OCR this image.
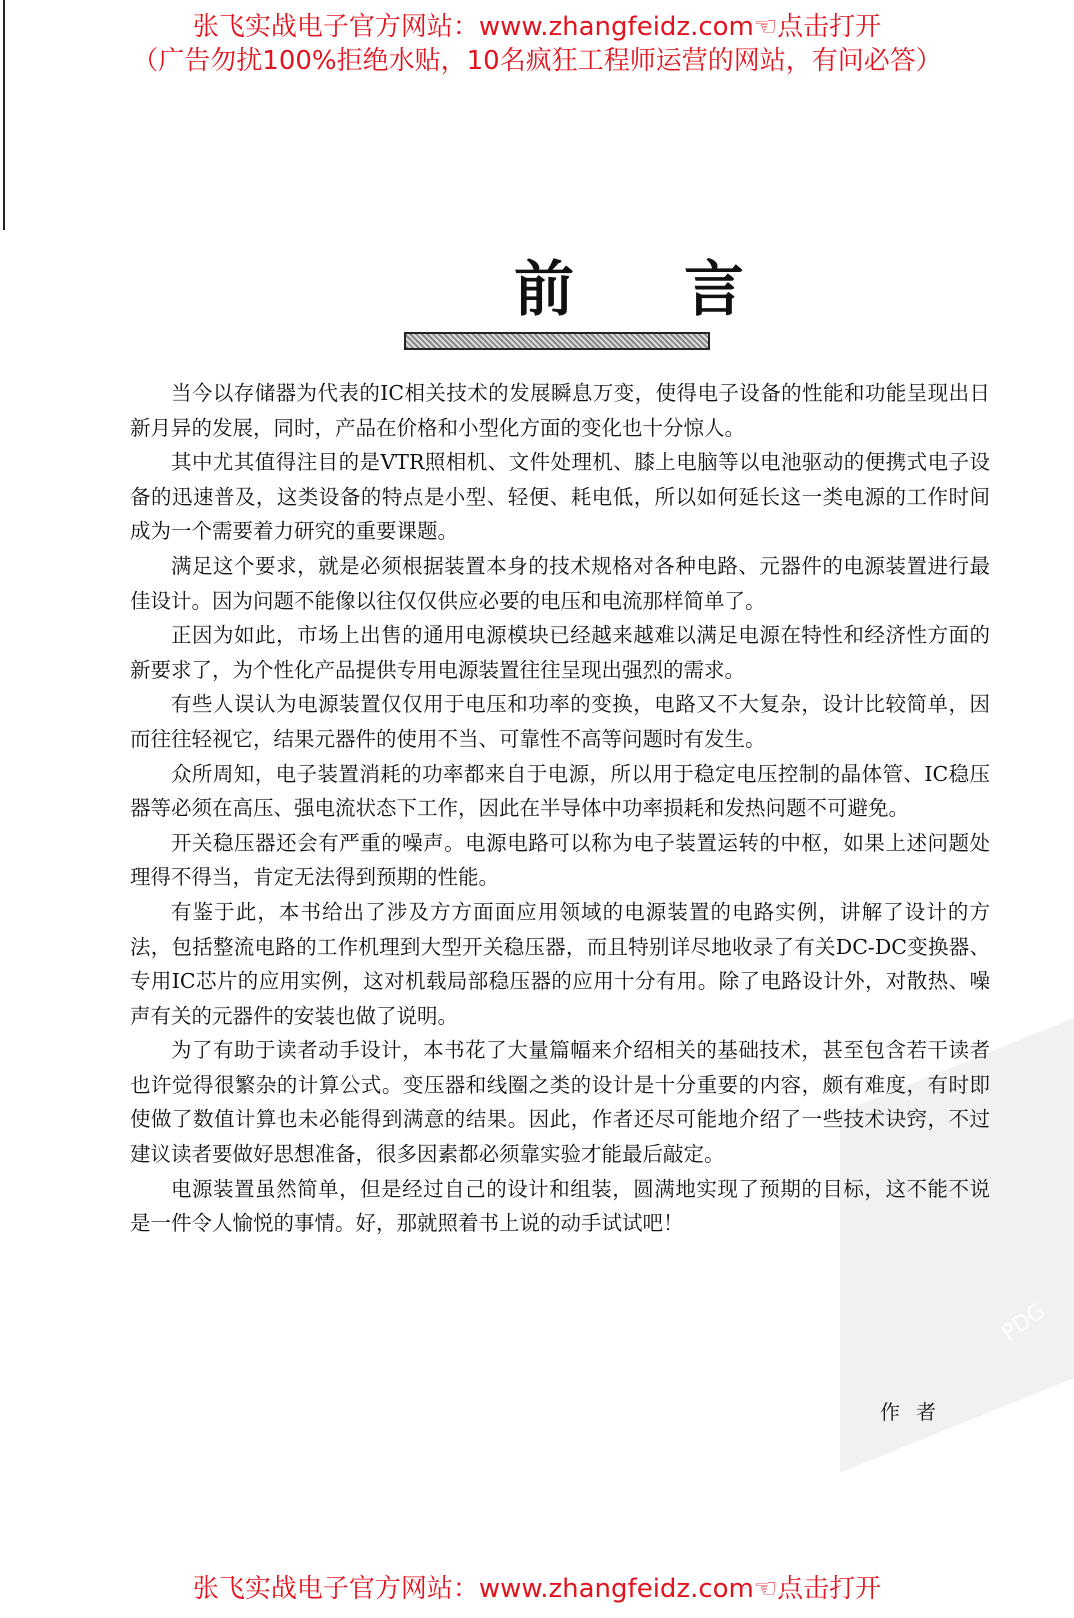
张飞实战电子官方网站：www.zhangfeidz.com☜点击打开
（广告勿扰100%拒绝水贴，10名疯狂工程师运营的网站，有问必答）
前言
PDG

当今以存储器为代表的IC相关技术的发展瞬息万变，使得电子设备的性能和功能呈现出日新月异的发展，同时，产品在价格和小型化方面的变化也十分惊人。

其中尤其值得注目的是VTR照相机、文件处理机、膝上电脑等以电池驱动的便携式电子设备的迅速普及，这类设备的特点是小型、轻便、耗电低，所以如何延长这一类电源的工作时间成为一个需要着力研究的重要课题。

满足这个要求，就是必须根据装置本身的技术规格对各种电路、元器件的电源装置进行最佳设计。因为问题不能像以往仅仅供应必要的电压和电流那样简单了。

正因为如此，市场上出售的通用电源模块已经越来越难以满足电源在特性和经济性方面的新要求了，为个性化产品提供专用电源装置往往呈现出强烈的需求。

有些人误认为电源装置仅仅用于电压和功率的变换，电路又不大复杂，设计比较简单，因而往往轻视它，结果元器件的使用不当、可靠性不高等问题时有发生。

众所周知，电子装置消耗的功率都来自于电源，所以用于稳定电压控制的晶体管、IC稳压器等必须在高压、强电流状态下工作，因此在半导体中功率损耗和发热问题不可避免。

开关稳压器还会有严重的噪声。电源电路可以称为电子装置运转的中枢，如果上述问题处理得不得当，肯定无法得到预期的性能。

有鉴于此，本书给出了涉及方方面面应用领域的电源装置的电路实例，讲解了设计的方法，包括整流电路的工作机理到大型开关稳压器，而且特别详尽地收录了有关DC-DC变换器、专用IC芯片的应用实例，这对机载局部稳压器的应用十分有用。除了电路设计外，对散热、噪声有关的元器件的安装也做了说明。

为了有助于读者动手设计，本书花了大量篇幅来介绍相关的基础技术，甚至包含若干读者也许觉得很繁杂的计算公式。变压器和线圈之类的设计是十分重要的内容，颇有难度，有时即使做了数值计算也未必能得到满意的结果。因此，作者还尽可能地介绍了一些技术诀窍，不过建议读者要做好思想准备，很多因素都必须靠实验才能最后敲定。

电源装置虽然简单，但是经过自己的设计和组装，圆满地实现了预期的目标，这不能不说是一件令人愉悦的事情。好，那就照着书上说的动手试试吧！

作者
张飞实战电子官方网站：www.zhangfeidz.com☜点击打开
